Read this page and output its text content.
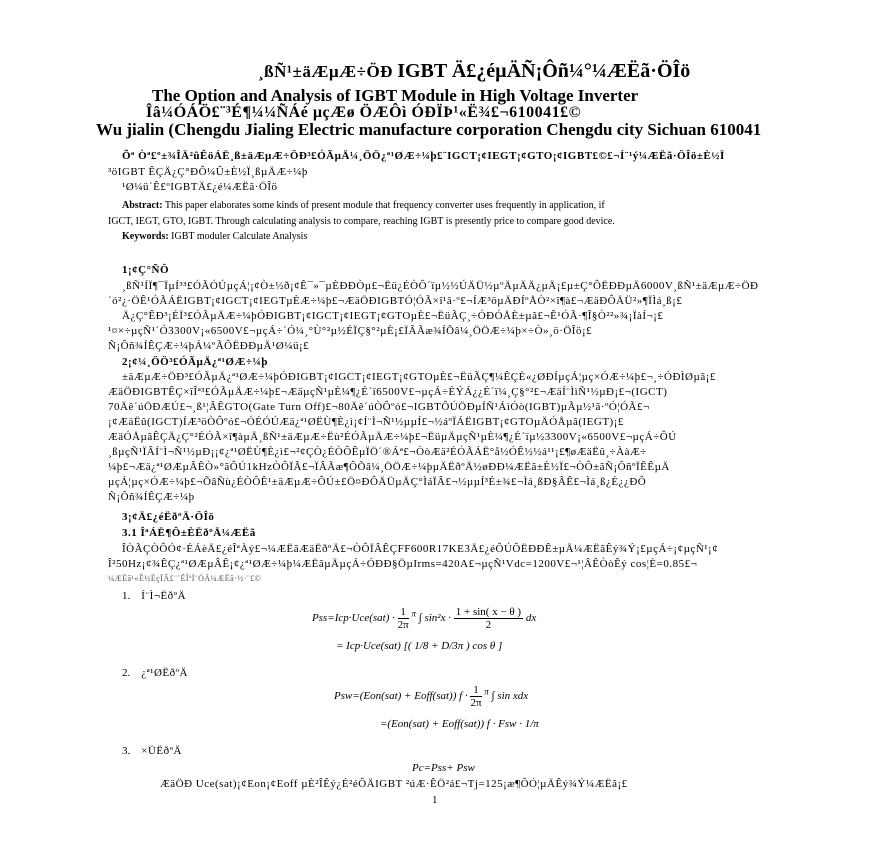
¸ßÑ¹±äÆµÆ÷ÖÐ IGBT Ä£¿éµÄÑ¡Ôñ¼°¼ÆËã·ÖÎö
The Option and Analysis of IGBT Module in High Voltage Inverter
Îâ¼ÓÁÖ£¨³É¶¼¼ÑÁé µçÆø ÖÆÔì ÓÐÏÞ¹«Ë¾£¬610041£©
Wu jialin (Chengdu Jialing Electric manufacture corporation Chengdu city Sichuan 610041
Õª Òª£º±¾ÎÄ²ûÊöÁË¸ß±äÆµÆ÷ÖÐ³£ÓÃµÄ¼¸ÖÖ¿ª¹ØÆ÷¼þ£¨IGCT¡¢IEGT¡¢GTO¡¢IGBT£©£¬Í¨¹ý¼ÆËã·ÖÎö±È½Ï
³öIGBT ÊÇÄ¿Ç°ÐÔ¼Û±È½Ï¸ßµÄÆ÷¼þ
¹Ø¼ü´Ê£ºIGBTÄ£¿é¼ÆËã·ÖÎö
Abstract: This paper elaborates some kinds of present module that frequency converter uses frequently in application, if
IGCT, IEGT, GTO, IGBT. Through calculating analysis to compare, reaching IGBT is presently price to compare good device.
Keywords: IGBT moduler Calculate Analysis
1¡¢Ç°ÑÔ
¸ßÑ¹ÍÏ¶¯ÏµÍ³³£ÓÃÓÚµçÁ¦¡¢Ò±½ð¡¢Ê¯»¯µÈÐÐÒµ£¬Ëü¿ÉÒÔ´ïµ½½ÚÄÜ½µºÄµÄÄ¿µÄ¡£µ±Ç°ÔËÐÐµÄ6000V¸ßÑ¹±äÆµÆ÷ÖÐ
´ó²¿·ÖÊ¹ÓÃÁËIGBT¡¢IGCT¡¢IEGTµÈÆ÷¼þ£¬ÆäÖÐIGBTÓ¦ÓÃ×î¹ã·º£¬ÍÆ³öµÄÐÍºÅÒ²×î¶à£¬ÆäÐÔÄÜ²»¶ÏÌá¸ß¡£
Ä¿Ç°ÊÐ³¡ÉÏ³£ÓÃµÄÆ÷¼þÓÐIGBT¡¢IGCT¡¢IEGT¡¢GTOµÈ£¬ËüÃÇ¸÷ÓÐÓÅÈ±µã£¬Ê¹ÓÃ·¶Î§Ò²²»¾¡ÏàÍ¬¡£
¹¤×÷µçÑ¹´Ó3300V¡«6500V£¬µçÁ÷´Ó¼¸°Ù°²µ½ÉÏÇ§°²µÈ¡£ÏÂÃæ¾ÍÕâ¼¸ÖÖÆ÷¼þ×÷Ò»¸ö·ÖÎö¡£
Ñ¡Ôñ¾ÍÊÇÆ÷¼þÁ¼ºÃÔËÐÐµÄ¹Ø¼ü¡£
2¡¢¼¸ÖÖ³£ÓÃµÄ¿ª¹ØÆ÷¼þ
±äÆµÆ÷ÖÐ³£ÓÃµÄ¿ª¹ØÆ÷¼þÓÐIGBT¡¢IGCT¡¢IEGT¡¢GTOµÈ£¬ËüÃÇ¶¼ÊÇÈ«¿ØÐÍµçÁ¦µç×ÓÆ÷¼þ£¬¸÷ÓÐÌØµã¡£
ÆäÖÐIGBTÊÇ×îÎª³£ÓÃµÄÆ÷¼þ£¬ÆäµçÑ¹µÈ¼¶¿É´ï6500V£¬µçÁ÷ÈÝÁ¿¿É´ï¼¸Ç§°²£¬ÆäÍ¨ÌìÑ¹½µÐ¡£¬(IGCT)
70Äê´úÖÐÆÚ£¬¸ß¹¦ÂÊGTO(Gate Turn Off)£¬80Äê´úÒÔºó£¬IGBTÔÚÖÐµÍÑ¹ÁìÓò(IGBT)µÃµ½¹ã·ºÓ¦ÓÃ£¬
¡¢ÆäËû(IGCT)ÍÆ³öÒÔºó£¬ÓÉÓÚÆä¿ª¹ØËÙ¶È¿ì¡¢Í¨Ì¬Ñ¹½µµÍ£¬½áºÏÁËIGBT¡¢GTOµÄÓÅµã(IEGT)¡£
ÆäÓÅµãÊÇÄ¿Ç°²ÉÓÃ×î¶àµÄ¸ßÑ¹±äÆµÆ÷Ëù²ÉÓÃµÄÆ÷¼þ£¬ËüµÄµçÑ¹µÈ¼¶¿É´ïµ½3300V¡«6500V£¬µçÁ÷ÔÚ
¸ßµçÑ¹ÏÂÍ¨Ì¬Ñ¹½µÐ¡¡¢¿ª¹ØËÙ¶È¿ì£¬²¢ÇÒ¿ÉÒÔÊµÏÖ´®Áª£¬ÒòÆä²ÉÓÃÁË°å½ÓÊ½½á¹¹¡£¶øÆäËû¸÷ÀàÆ÷
¼þ£¬Æä¿ª¹ØÆµÂÊÒ»°ãÔÚ1kHzÒÔÏÂ£¬ÏÂÃæ¶ÔÕâ¼¸ÖÖÆ÷¼þµÄËðºÄ½øÐÐ¼ÆËã±È½Ï£¬ÒÔ±ãÑ¡ÔñºÏÊÊµÄ
µçÁ¦µç×ÓÆ÷¼þ£¬ÕâÑù¿ÉÒÔÊ¹±äÆµÆ÷ÔÚ±£Ö¤ÐÔÄÜµÄÇ°ÌáÏÂ£¬½µµÍ³É±¾£¬Ìá¸ßÐ§ÂÊ£¬Ìá¸ß¿É¿¿ÐÔ
Ñ¡Ôñ¾ÍÊÇÆ÷¼þ
3¡¢Ä£¿éËðºÄ·ÖÎö
3.1 ÎªÁË¶Ô±ÈËðºÄ¼ÆËã
ÎÒÃÇÒÔÓ¢·ÉÁèÄ£¿éÎªÀý£¬¼ÆËãÆäËðºÄ£¬ÒÔÏÂÊÇFF600R17KE3Ä£¿éÔÚÔËÐÐÊ±µÄ¼ÆËãÊý¾Ý¡£µçÁ÷¡¢µçÑ¹¡¢
Î²50Hz¡¢¾ÊÇ¿ª¹ØÆµÂÊ¡¢¿ª¹ØÆ÷¼þ¼ÆËãµÄµçÁ÷ÓÐÐ§ÖµIrms=420A£¬µçÑ¹Vdc=1200V£¬¹¦ÂÊÒòÊý cos¦È=0.85£¬
¼ÆËã¹«Ê½ÈçÏÂ£¨´ËÎªÍ¨ÓÃ¼ÆËã·½·¨£©
1. Í¨Ì¬ËðºÄ
$Pss=Icp\cdot Uce(sat) \cdot \frac{1}{2\pi} ^\pi$ ∫ $\sin^2x \cdot \frac{1 + \sin( x - \theta )}{2}$ dx
= Icp·Uce(sat) [( 1/8 + D/3π ) cos θ ]
2. ¿ª¹ØËðºÄ
Psw=(Eon(sat) + Eoff(sat)) $f \cdot \frac{1}{2\pi} ^\pi$ ∫ sin xdx
=(Eon(sat) + Eoff(sat)) f · Fsw · 1/π
3. ×ÜËðºÄ
Pc=Pss+ Psw
ÆäÖÐ Uce(sat)¡¢Eon¡¢Eoff µÈ²ÎÊý¿É²éÔÄIGBT ²úÆ·ÊÖ²á£¬Tj=125¡æ¶ÔÓ¦µÄÊý¾Ý¼ÆËã¡£
1
